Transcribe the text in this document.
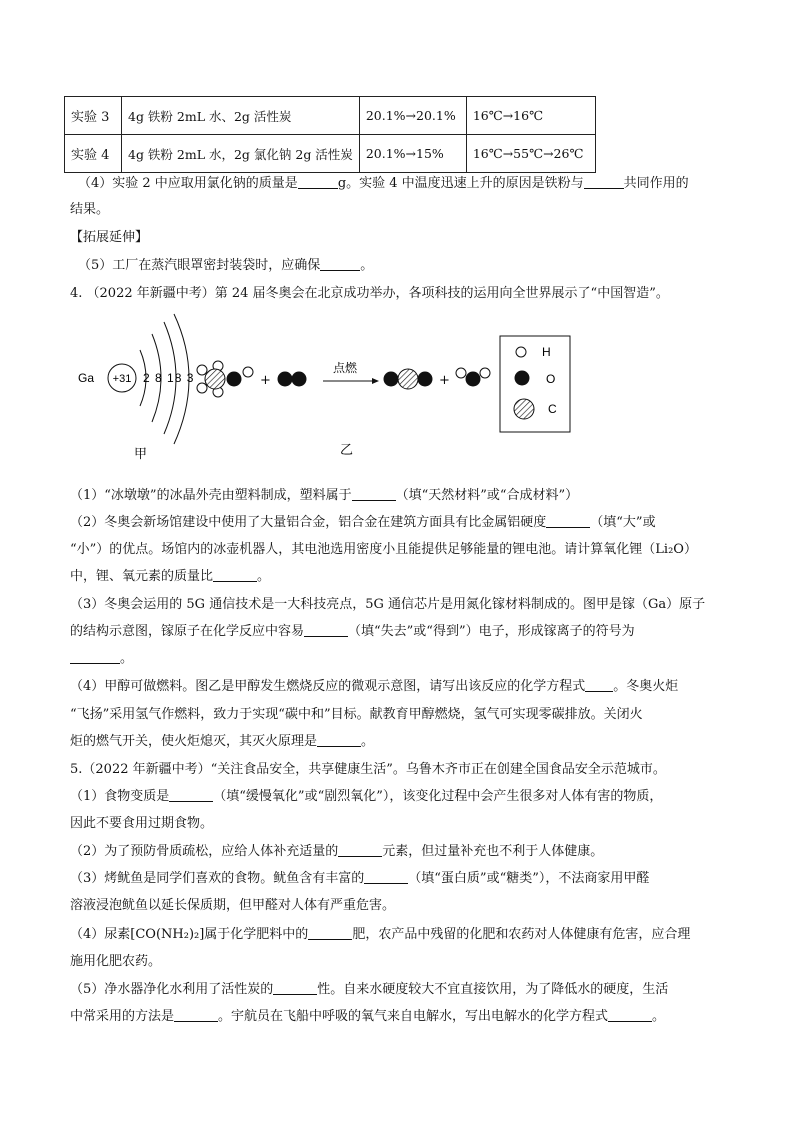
实验 3	4g 铁粉 2mL 水、2g 活性炭	20.1%→20.1%	16℃→16℃
实验 4	4g 铁粉 2mL 水，2g 氯化钠 2g 活性炭	20.1%→15%	16℃→55℃→26℃
（4）实验 2 中应取用氯化钠的质量是	g。实验 4 中温度迅速上升的原因是铁粉与	共同作用的
结果。
【拓展延伸】
（5）工厂在蒸汽眼罩密封装袋时，应确保	。
4. （2022 年新疆中考）第 24 届冬奥会在北京成功举办，各项科技的运用向全世界展示了“中国智造”。
Ga +31 2 8 18 3
甲
+
点燃
+
乙
H
O
C
（1）“冰墩墩”的冰晶外壳由塑料制成，塑料属于	（填“天然材料”或“合成材料”）
（2）冬奥会新场馆建设中使用了大量铝合金，铝合金在建筑方面具有比金属铝硬度	（填“大”或
“小”）的优点。场馆内的冰壶机器人，其电池选用密度小且能提供足够能量的锂电池。请计算氧化锂（Li₂O）
中，锂、氧元素的质量比	。
（3）冬奥会运用的 5G 通信技术是一大科技亮点，5G 通信芯片是用氮化镓材料制成的。图甲是镓（Ga）原子
的结构示意图，镓原子在化学反应中容易	（填“失去”或“得到”）电子，形成镓离子的符号为
。
（4）甲醇可做燃料。图乙是甲醇发生燃烧反应的微观示意图，请写出该反应的化学方程式 。冬奥火炬
“飞扬”采用氢气作燃料，致力于实现“碳中和”目标。献教育甲醇燃烧，氢气可实现零碳排放。关闭火
炬的燃气开关，使火炬熄灭，其灭火原理是	。
5.（2022 年新疆中考）“关注食品安全，共享健康生活”。乌鲁木齐市正在创建全国食品安全示范城市。
（1）食物变质是	（填“缓慢氧化”或“剧烈氧化”），该变化过程中会产生很多对人体有害的物质，
因此不要食用过期食物。
（2）为了预防骨质疏松，应给人体补充适量的	元素，但过量补充也不利于人体健康。
（3）烤鱿鱼是同学们喜欢的食物。鱿鱼含有丰富的	（填“蛋白质”或“糖类”），不法商家用甲醛
溶液浸泡鱿鱼以延长保质期，但甲醛对人体有严重危害。
（4）尿素[CO(NH₂)₂]属于化学肥料中的	肥，农产品中残留的化肥和农药对人体健康有危害，应合理
施用化肥农药。
（5）净水器净化水利用了活性炭的	性。自来水硬度较大不宜直接饮用，为了降低水的硬度，生活
中常采用的方法是	。宇航员在飞船中呼吸的氧气来自电解水，写出电解水的化学方程式	。
